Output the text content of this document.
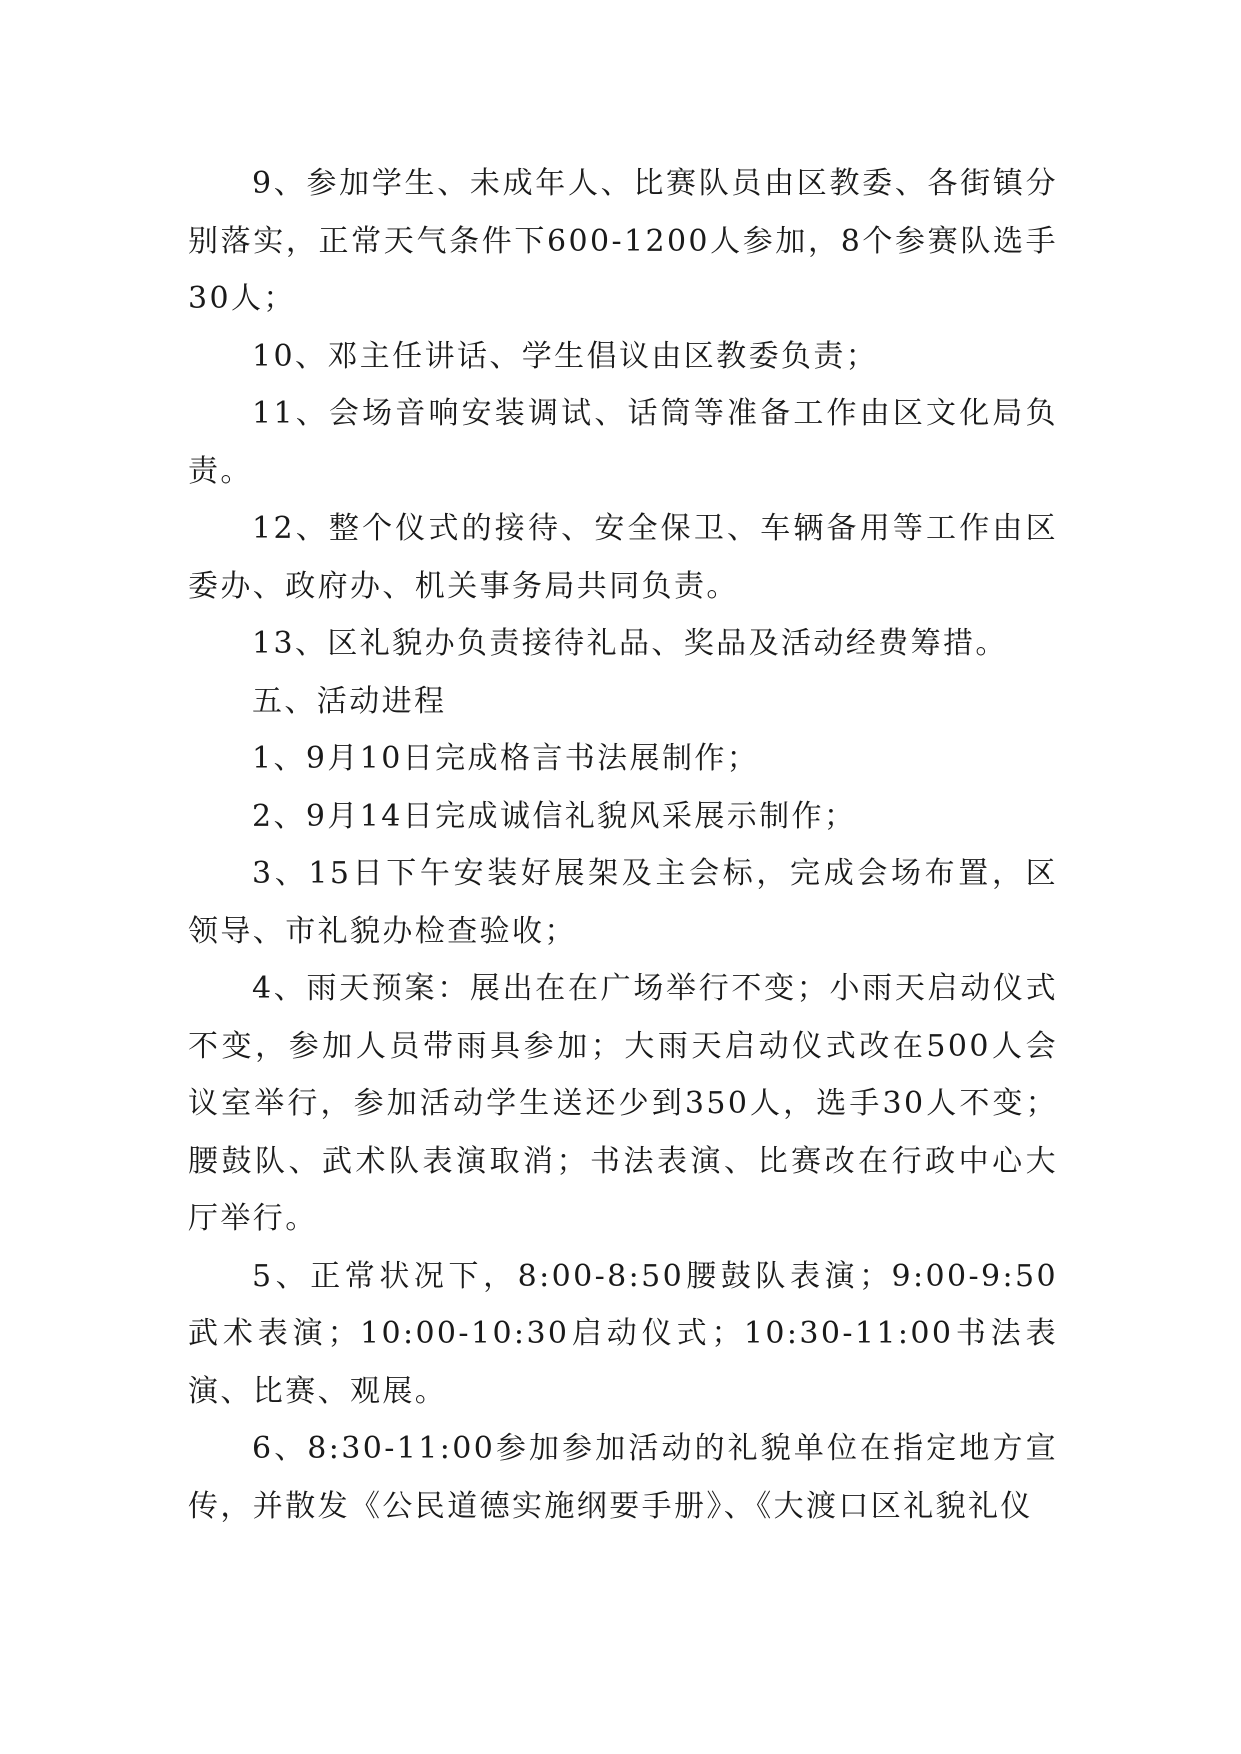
9、参加学生、未成年人、比赛队员由区教委、各街镇分别落实，正常天气条件下600-1200人参加，8个参赛队选手30人；

10、邓主任讲话、学生倡议由区教委负责；

11、会场音响安装调试、话筒等准备工作由区文化局负责。

12、整个仪式的接待、安全保卫、车辆备用等工作由区委办、政府办、机关事务局共同负责。

13、区礼貌办负责接待礼品、奖品及活动经费筹措。

五、活动进程

1、9月10日完成格言书法展制作；

2、9月14日完成诚信礼貌风采展示制作；

3、15日下午安装好展架及主会标，完成会场布置，区领导、市礼貌办检查验收；

4、雨天预案：展出在在广场举行不变；小雨天启动仪式不变，参加人员带雨具参加；大雨天启动仪式改在500人会议室举行，参加活动学生送还少到350人，选手30人不变；腰鼓队、武术队表演取消；书法表演、比赛改在行政中心大厅举行。

5、正常状况下，8:00-8:50腰鼓队表演；9:00-9:50武术表演；10:00-10:30启动仪式；10:30-11:00书法表演、比赛、观展。

6、8:30-11:00参加参加活动的礼貌单位在指定地方宣传，并散发《公民道德实施纲要手册》、《大渡口区礼貌礼仪
